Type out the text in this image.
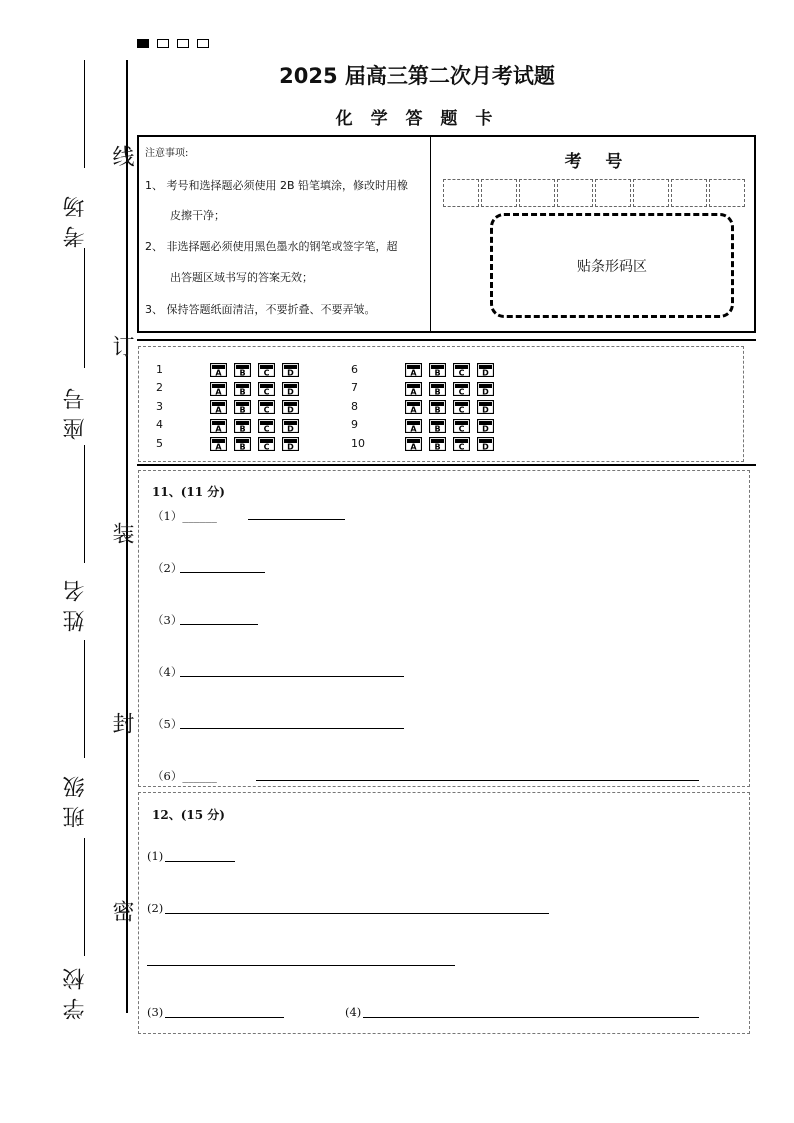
考场
座号
姓名
班级
学校
线
订
装
封
密
2025 届高三第二次月考试题
化 学 答 题 卡
注意事项:
1、 考号和选择题必须使用 2B 铅笔填涂，修改时用橡
皮擦干净；
2、 非选择题必须使用黑色墨水的钢笔或签字笔，超
出答题区域书写的答案无效；
3、 保持答题纸面清洁，不要折叠、不要弄皱。
考    号
贴条形码区
1	A B C D
2	A B C D
3	A B C D
4	A B C D
5	A B C D
6	A B C D
7	A B C D
8	A B C D
9	A B C D
10	A B C D
11、(11 分)
（1）______
（2）
（3）
（4）
（5）
（6）______
12、(15 分)
(1)
(2)
(3)	(4)
